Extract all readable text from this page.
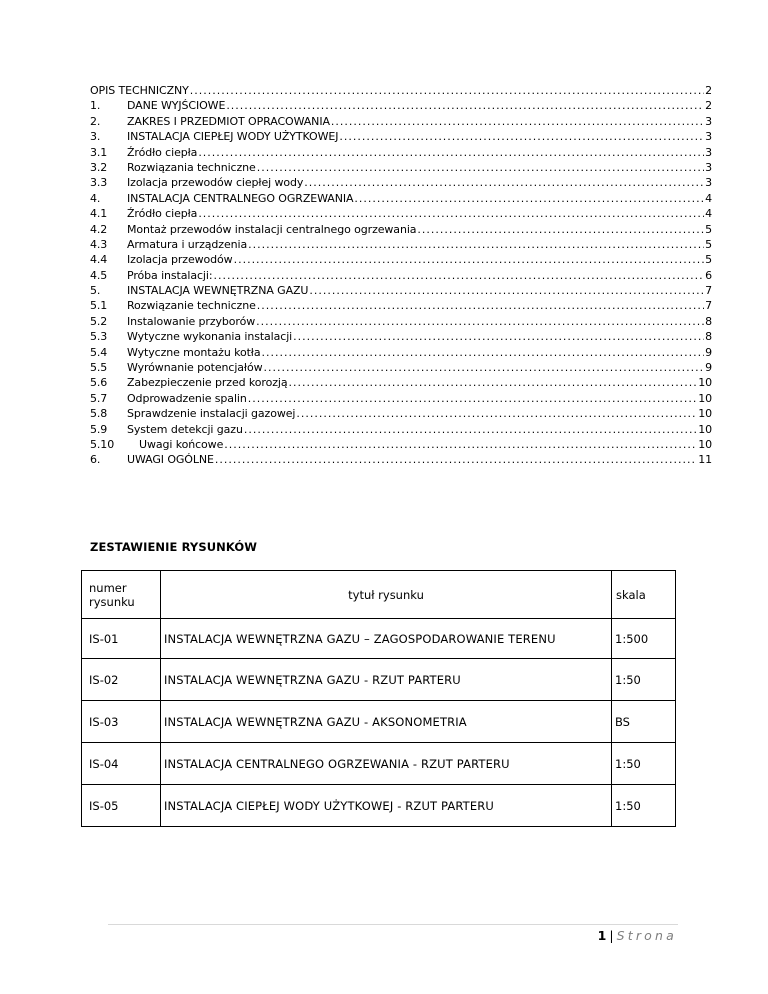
OPIS TECHNICZNY .....	2
1.	DANE WYJŚCIOWE .....	2
2.	ZAKRES I PRZEDMIOT OPRACOWANIA .....	3
3.	INSTALACJA CIEPŁEJ WODY UŻYTKOWEJ .....	3
3.1	Źródło ciepła .....	3
3.2	Rozwiązania techniczne .....	3
3.3	Izolacja przewodów ciepłej wody .....	3
4.	INSTALACJA CENTRALNEGO OGRZEWANIA .....	4
4.1	Źródło ciepła .....	4
4.2	Montaż przewodów instalacji centralnego ogrzewania .....	5
4.3	Armatura i urządzenia .....	5
4.4	Izolacja przewodów .....	5
4.5	Próba instalacji: .....	6
5.	INSTALACJA WEWNĘTRZNA GAZU .....	7
5.1	Rozwiązanie techniczne .....	7
5.2	Instalowanie przyborów .....	8
5.3	Wytyczne wykonania instalacji .....	8
5.4	Wytyczne montażu kotła .....	9
5.5	Wyrównanie potencjałów .....	9
5.6	Zabezpieczenie przed korozją .....	10
5.7	Odprowadzenie spalin .....	10
5.8	Sprawdzenie instalacji gazowej .....	10
5.9	System detekcji gazu .....	10
5.10	Uwagi końcowe .....	10
6.	UWAGI OGÓLNE .....	11
ZESTAWIENIE RYSUNKÓW
numer rysunku	tytuł rysunku	skala
IS-01	INSTALACJA WEWNĘTRZNA GAZU – ZAGOSPODAROWANIE TERENU	1:500
IS-02	INSTALACJA WEWNĘTRZNA GAZU - RZUT PARTERU	1:50
IS-03	INSTALACJA WEWNĘTRZNA GAZU - AKSONOMETRIA	BS
IS-04	INSTALACJA CENTRALNEGO OGRZEWANIA - RZUT PARTERU	1:50
IS-05	INSTALACJA CIEPŁEJ WODY UŻYTKOWEJ - RZUT PARTERU	1:50
1 | Strona
